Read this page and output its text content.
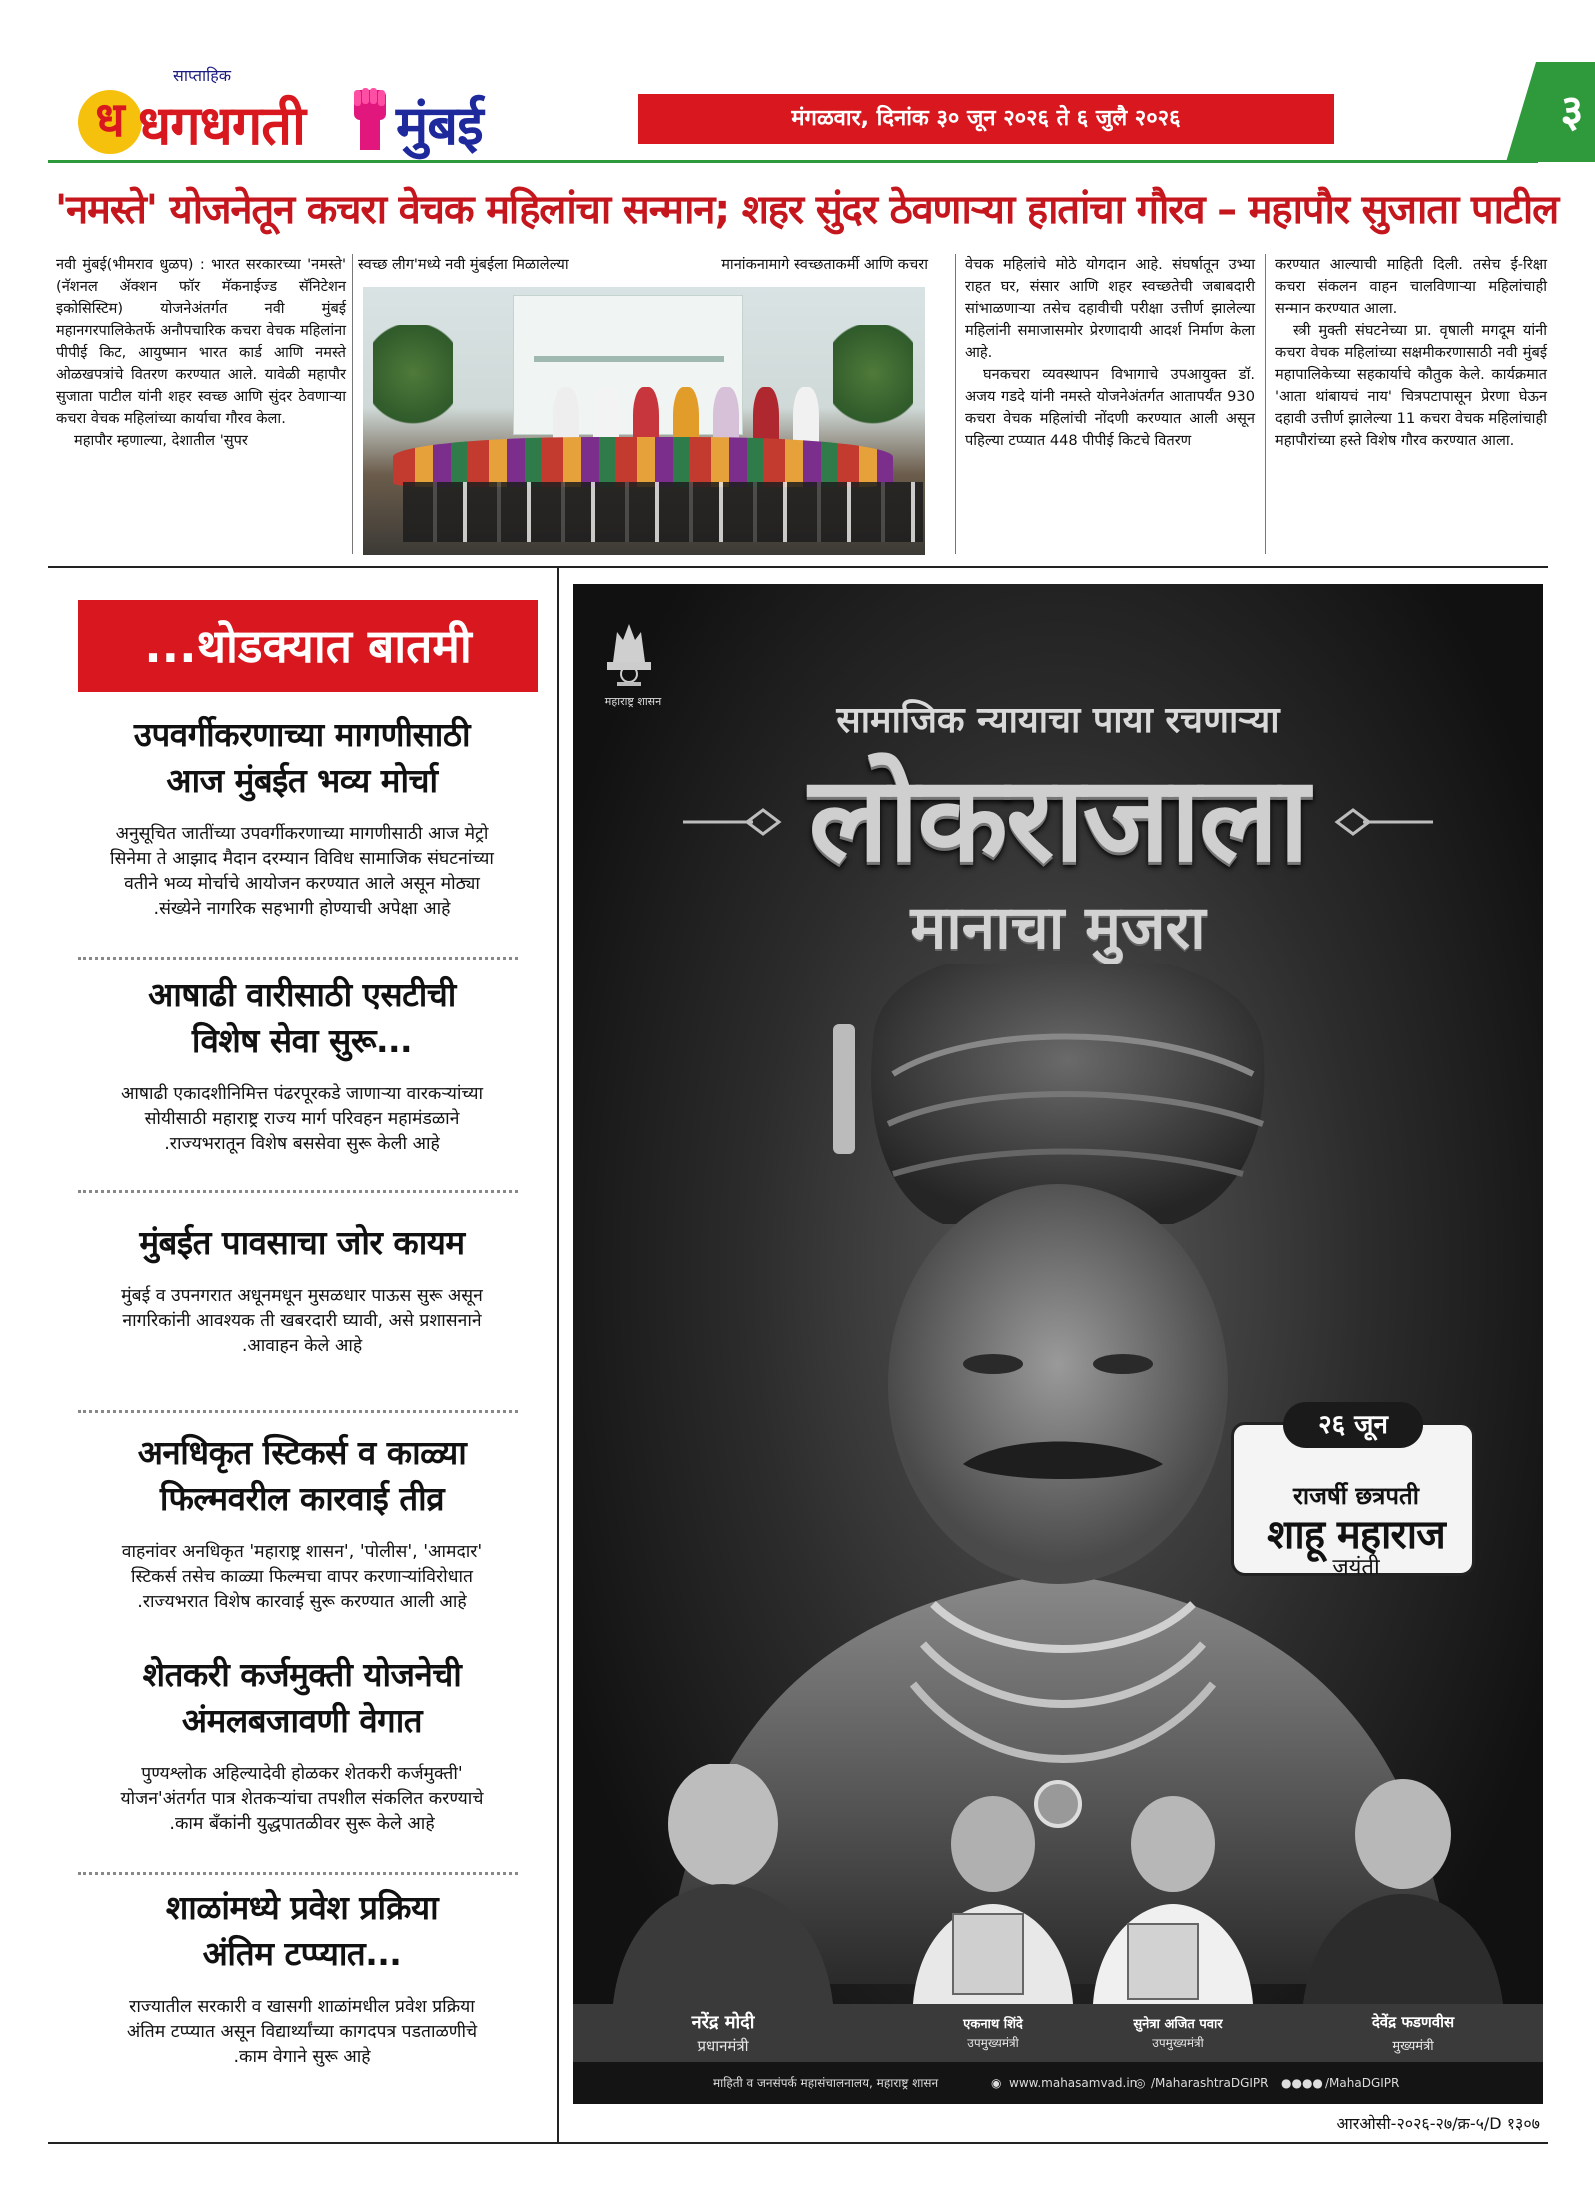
साप्ताहिक
ध धगधगती मुंबई	मंगळवार, दिनांक ३० जून २०२६ ते ६ जुलै २०२६	३
'नमस्ते' योजनेतून कचरा वेचक महिलांचा सन्मान; शहर सुंदर ठेवणाऱ्या हातांचा गौरव – महापौर सुजाता पाटील

नवी मुंबई(भीमराव धुळप) : भारत सरकारच्या 'नमस्ते' (नॅशनल ॲक्शन फॉर मॅकनाईज्ड सॅनिटेशन इकोसिस्टिम) योजनेअंतर्गत नवी मुंबई महानगरपालिकेतर्फे अनौपचारिक कचरा वेचक महिलांना पीपीई किट, आयुष्मान भारत कार्ड आणि नमस्ते ओळखपत्रांचे वितरण करण्यात आले. यावेळी महापौर सुजाता पाटील यांनी शहर स्वच्छ आणि सुंदर ठेवणाऱ्या कचरा वेचक महिलांच्या कार्याचा गौरव केला.

महापौर म्हणाल्या, देशातील 'सुपर

स्वच्छ लीग'मध्ये नवी मुंबईला मिळालेल्या	मानांकनामागे स्वच्छताकर्मी आणि कचरा	वेचक महिलांचे मोठे योगदान आहे. संघर्षातून उभ्या राहत घर, संसार आणि शहर स्वच्छतेची जबाबदारी सांभाळणाऱ्या तसेच दहावीची परीक्षा उत्तीर्ण झालेल्या महिलांनी समाजासमोर प्रेरणादायी आदर्श निर्माण केला आहे.

घनकचरा व्यवस्थापन विभागाचे उपआयुक्त डॉ. अजय गडदे यांनी नमस्ते योजनेअंतर्गत आतापर्यंत 930 कचरा वेचक महिलांची नोंदणी करण्यात आली असून पहिल्या टप्प्यात 448 पीपीई किटचे वितरण

करण्यात आल्याची माहिती दिली. तसेच ई-रिक्षा कचरा संकलन वाहन चालविणाऱ्या महिलांचाही सन्मान करण्यात आला.

स्त्री मुक्ती संघटनेच्या प्रा. वृषाली मगदूम यांनी कचरा वेचक महिलांच्या सक्षमीकरणासाठी नवी मुंबई महापालिकेच्या सहकार्याचे कौतुक केले. कार्यक्रमात 'आता थांबायचं नाय' चित्रपटापासून प्रेरणा घेऊन दहावी उत्तीर्ण झालेल्या 11 कचरा वेचक महिलांचाही महापौरांच्या हस्ते विशेष गौरव करण्यात आला.

...थोडक्यात बातमी
उपवर्गीकरणाच्या मागणीसाठी
आज मुंबईत भव्य मोर्चा

अनुसूचित जातींच्या उपवर्गीकरणाच्या मागणीसाठी आज मेट्रो
सिनेमा ते आझाद मैदान दरम्यान विविध सामाजिक संघटनांच्या
वतीने भव्य मोर्चाचे आयोजन करण्यात आले असून मोठ्या
.संख्येने नागरिक सहभागी होण्याची अपेक्षा आहे

आषाढी वारीसाठी एसटीची
विशेष सेवा सुरू...

आषाढी एकादशीनिमित्त पंढरपूरकडे जाणाऱ्या वारकऱ्यांच्या
सोयीसाठी महाराष्ट्र राज्य मार्ग परिवहन महामंडळाने
.राज्यभरातून विशेष बससेवा सुरू केली आहे

मुंबईत पावसाचा जोर कायम

मुंबई व उपनगरात अधूनमधून मुसळधार पाऊस सुरू असून
नागरिकांनी आवश्यक ती खबरदारी घ्यावी, असे प्रशासनाने
.आवाहन केले आहे

अनधिकृत स्टिकर्स व काळ्या
फिल्मवरील कारवाई तीव्र

वाहनांवर अनधिकृत 'महाराष्ट्र शासन', 'पोलीस', 'आमदार'
स्टिकर्स तसेच काळ्या फिल्मचा वापर करणाऱ्यांविरोधात
.राज्यभरात विशेष कारवाई सुरू करण्यात आली आहे

शेतकरी कर्जमुक्ती योजनेची
अंमलबजावणी वेगात

पुण्यश्लोक अहिल्यादेवी होळकर शेतकरी कर्जमुक्ती'
योजन'अंतर्गत पात्र शेतकऱ्यांचा तपशील संकलित करण्याचे
.काम बँकांनी युद्धपातळीवर सुरू केले आहे

शाळांमध्ये प्रवेश प्रक्रिया
अंतिम टप्प्यात...

राज्यातील सरकारी व खासगी शाळांमधील प्रवेश प्रक्रिया
अंतिम टप्प्यात असून विद्यार्थ्यांच्या कागदपत्र पडताळणीचे
.काम वेगाने सुरू आहे

महाराष्ट्र शासन	सामाजिक न्यायाचा पाया रचणाऱ्या
लोकराजाला
मानाचा मुजरा
राजर्षी छत्रपती
शाहू महाराज
जयंती
२६ जून
नरेंद्र मोदी
प्रधानमंत्री
एकनाथ शिंदे
उपमुख्यमंत्री
सुनेत्रा अजित पवार
उपमुख्यमंत्री
देवेंद्र फडणवीस
मुख्यमंत्री
माहिती व जनसंपर्क महासंचालनालय, महाराष्ट्र शासन	◉ www.mahasamvad.in
◎ /MaharashtraDGIPR ●●●● /MahaDGIPR
आरओसी-२०२६-२७/क्र-५/D १३०७
